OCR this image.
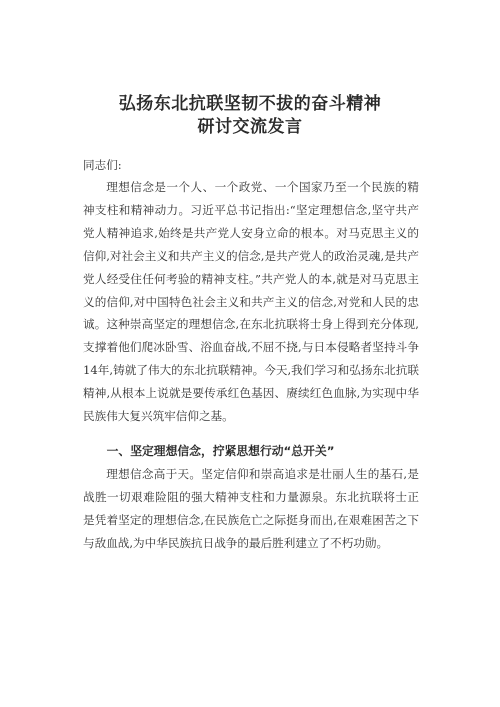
弘扬东北抗联坚韧不拔的奋斗精神
研讨交流发言

同志们:

理想信念是一个人、一个政党、一个国家乃至一个民族的精神支柱和精神动力。习近平总书记指出:“坚定理想信念,坚守共产党人精神追求,始终是共产党人安身立命的根本。对马克思主义的信仰,对社会主义和共产主义的信念,是共产党人的政治灵魂,是共产党人经受住任何考验的精神支柱。”共产党人的本,就是对马克思主义的信仰,对中国特色社会主义和共产主义的信念,对党和人民的忠诚。这种崇高坚定的理想信念,在东北抗联将士身上得到充分体现,支撑着他们爬冰卧雪、浴血奋战,不屈不挠,与日本侵略者坚持斗争14年,铸就了伟大的东北抗联精神。今天,我们学习和弘扬东北抗联精神,从根本上说就是要传承红色基因、赓续红色血脉,为实现中华民族伟大复兴筑牢信仰之基。

一、坚定理想信念，拧紧思想行动“总开关”

理想信念高于天。坚定信仰和崇高追求是壮丽人生的基石,是战胜一切艰难险阻的强大精神支柱和力量源泉。东北抗联将士正是凭着坚定的理想信念,在民族危亡之际挺身而出,在艰难困苦之下与敌血战,为中华民族抗日战争的最后胜利建立了不朽功勋。
